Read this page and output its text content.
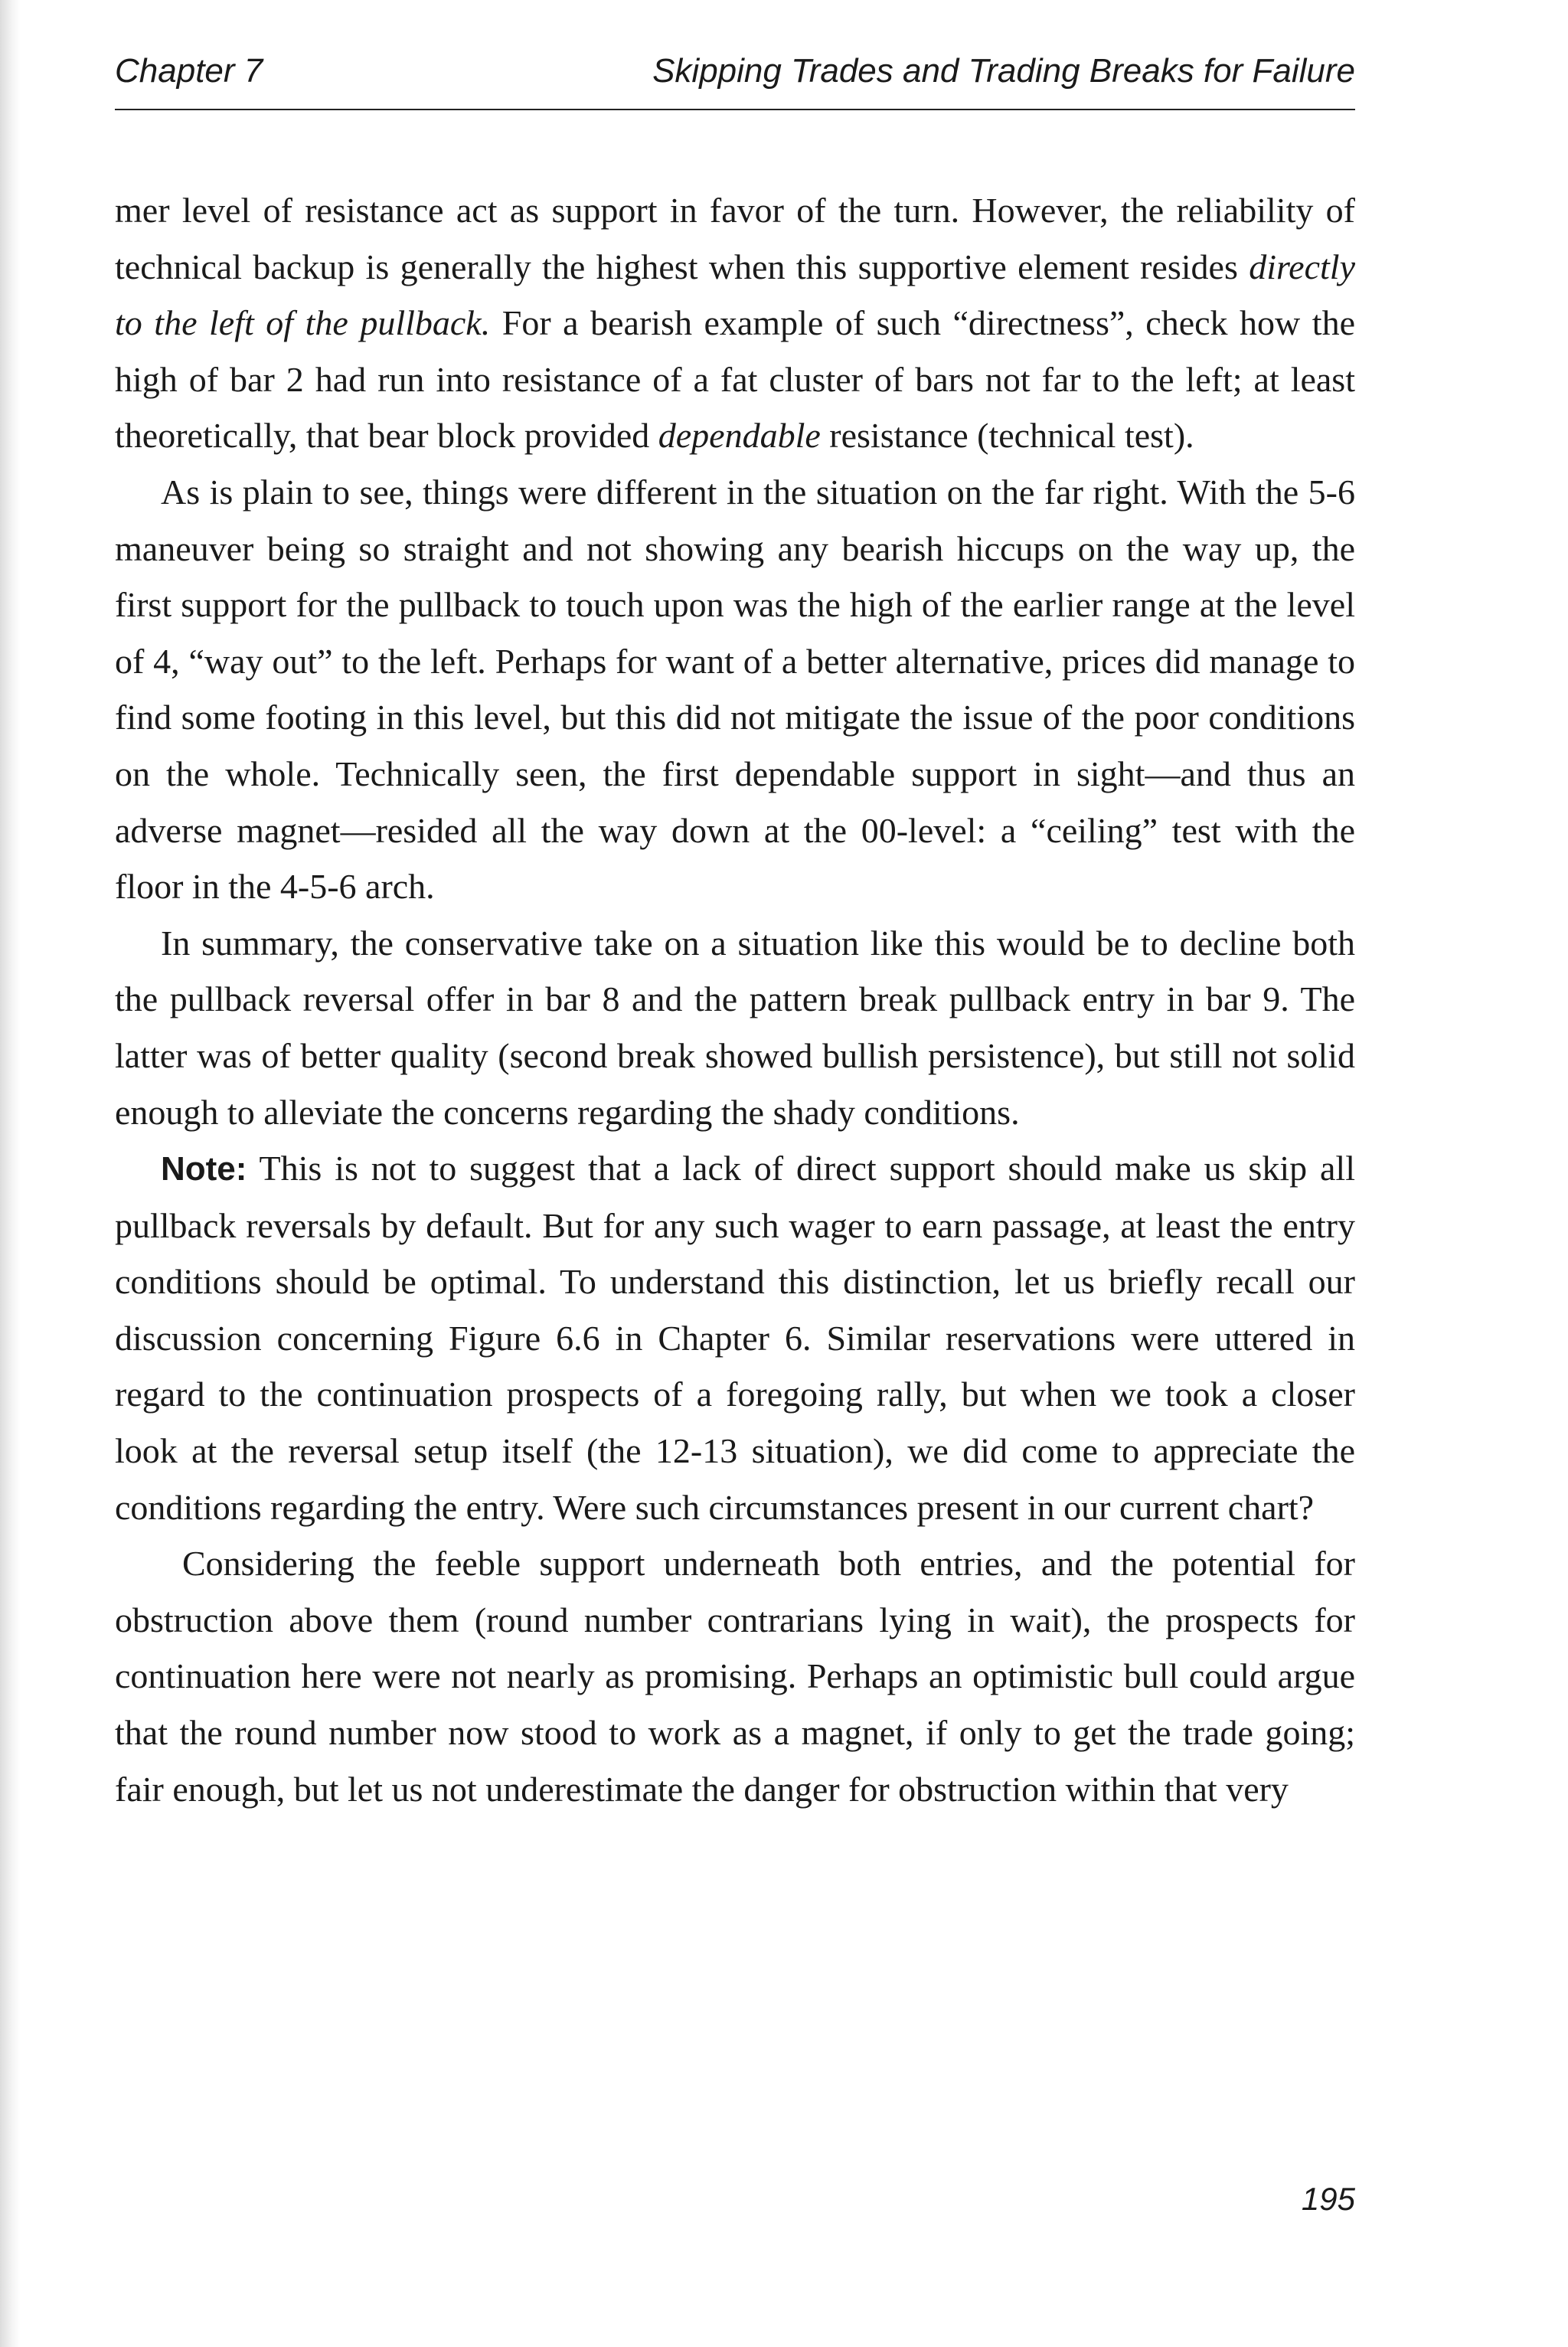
Chapter 7	Skipping Trades and Trading Breaks for Failure

mer level of resistance act as support in favor of the turn. However, the reliability of technical backup is generally the highest when this supportive element resides directly to the left of the pullback. For a bearish example of such “directness”, check how the high of bar 2 had run into resistance of a fat cluster of bars not far to the left; at least theoretically, that bear block provided dependable resistance (technical test).

As is plain to see, things were different in the situation on the far right. With the 5-6 maneuver being so straight and not showing any bearish hiccups on the way up, the first support for the pullback to touch upon was the high of the earlier range at the level of 4, “way out” to the left. Perhaps for want of a better alternative, prices did manage to find some footing in this level, but this did not mitigate the issue of the poor conditions on the whole. Technically seen, the first dependable support in sight—and thus an adverse magnet—resided all the way down at the 00-level: a “ceiling” test with the floor in the 4-5-6 arch.

In summary, the conservative take on a situation like this would be to decline both the pullback reversal offer in bar 8 and the pattern break pullback entry in bar 9. The latter was of better quality (second break showed bullish persistence), but still not solid enough to alleviate the concerns regarding the shady conditions.

Note: This is not to suggest that a lack of direct support should make us skip all pullback reversals by default. But for any such wager to earn passage, at least the entry conditions should be optimal. To understand this distinction, let us briefly recall our discussion concerning Figure 6.6 in Chapter 6. Similar reservations were uttered in regard to the continuation prospects of a foregoing rally, but when we took a closer look at the reversal setup itself (the 12-13 situation), we did come to appreciate the conditions regarding the entry. Were such circumstances present in our current chart?

Considering the feeble support underneath both entries, and the potential for obstruction above them (round number contrarians lying in wait), the prospects for continuation here were not nearly as promising. Perhaps an optimistic bull could argue that the round number now stood to work as a magnet, if only to get the trade going; fair enough, but let us not underestimate the danger for obstruction within that very

195
